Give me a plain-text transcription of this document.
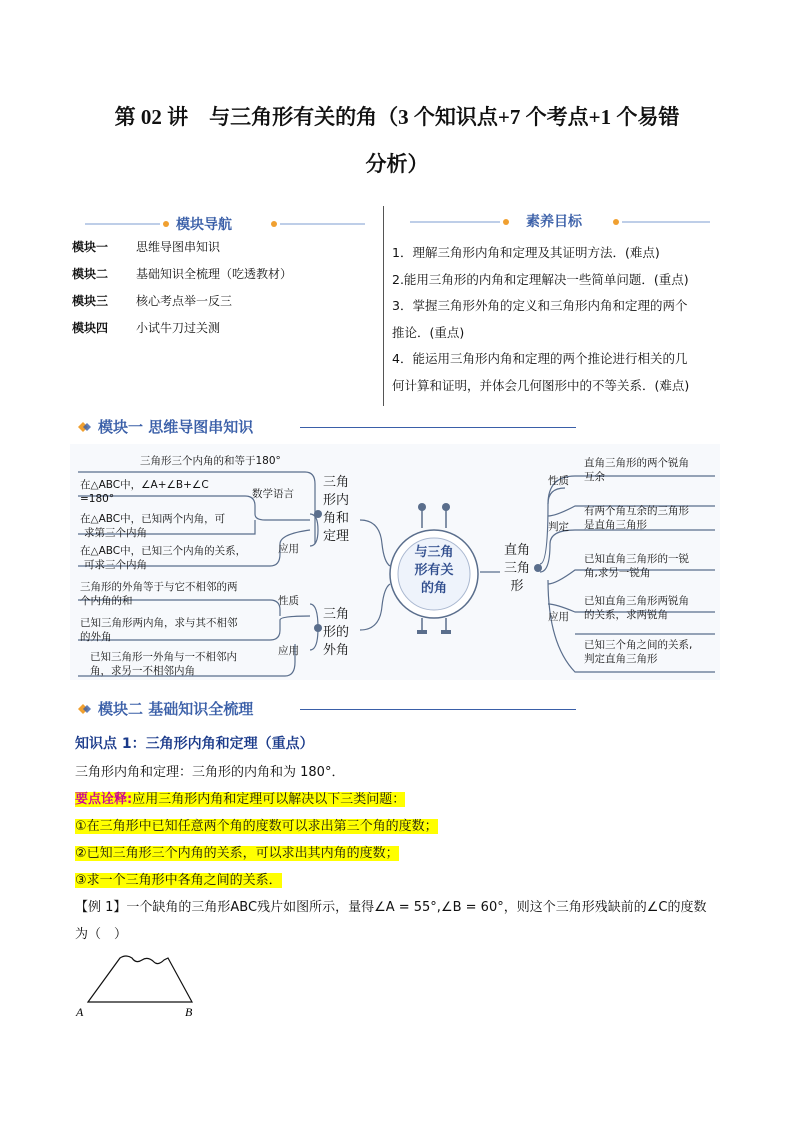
第 02 讲　与三角形有关的角（3 个知识点+7 个考点+1 个易错
分析）
模块导航
模块一 思维导图串知识
模块二 基础知识全梳理（吃透教材）
模块三 核心考点举一反三
模块四 小试牛刀过关测
素养目标
1．理解三角形内角和定理及其证明方法．(难点)
2.能用三角形的内角和定理解决一些简单问题．(重点)
3．掌握三角形外角的定义和三角形内角和定理的两个
推论．(重点)
4．能运用三角形内角和定理的两个推论进行相关的几
何计算和证明，并体会几何图形中的不等关系．(难点)
模块一 思维导图串知识
与三角
形有关
的角
三角
形内
角和
定理
三角
形的
外角
直角
三角
形
数学语言
应用
性质
应用
性质
判定
应用
三角形三个内角的和等于180°
在△ABC中，∠A+∠B+∠C
=180°
在△ABC中，已知两个内角，可
求第三个内角
在△ABC中，已知三个内角的关系，
可求三个内角
三角形的外角等于与它不相邻的两
个内角的和
已知三角形两内角，求与其不相邻
的外角
已知三角形一外角与一不相邻内
角，求另一不相邻内角
直角三角形的两个锐角
互余
有两个角互余的三角形
是直角三角形
已知直角三角形的一锐
角,求另一锐角
已知直角三角形两锐角
的关系，求两锐角
已知三个角之间的关系,
判定直角三角形
模块二 基础知识全梳理
知识点 1：三角形内角和定理（重点）
三角形内角和定理：三角形的内角和为 180°．
要点诠释:应用三角形内角和定理可以解决以下三类问题：
①在三角形中已知任意两个角的度数可以求出第三个角的度数；
②已知三角形三个内角的关系，可以求出其内角的度数；
③求一个三角形中各角之间的关系．
【例 1】一个缺角的三角形ABC残片如图所示，量得∠A = 55°,∠B = 60°，则这个三角形残缺前的∠C的度数
为（　）
A	B
